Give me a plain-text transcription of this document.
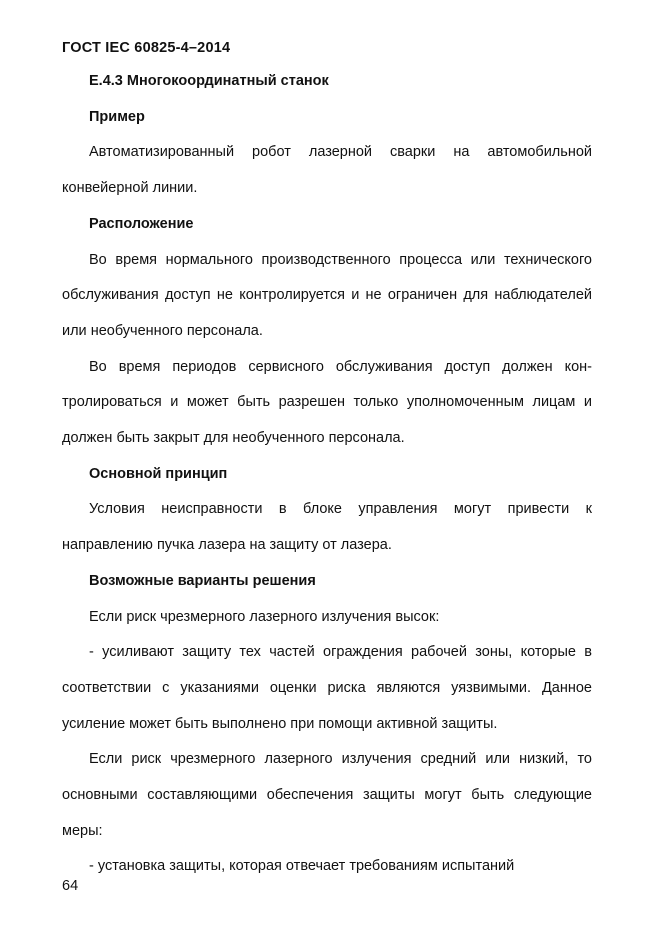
ГОСТ IEC 60825-4–2014

Е.4.3 Многокоординатный станок

Пример

Автоматизированный робот лазерной сварки на автомобильной конвейерной линии.

Расположение

Во время нормального производственного процесса или технического обслуживания доступ не контролируется и не ограничен для наблюдателей или необученного персонала.

Во время периодов сервисного обслуживания доступ должен контролироваться и может быть разрешен только уполномоченным лицам и должен быть закрыт для необученного персонала.

Основной принцип

Условия неисправности в блоке управления могут привести к направлению пучка лазера на защиту от лазера.

Возможные варианты решения

Если риск чрезмерного лазерного излучения высок:

- усиливают защиту тех частей ограждения рабочей зоны, которые в соответствии с указаниями оценки риска являются уязвимыми. Данное усиление может быть выполнено при помощи активной защиты.

Если риск чрезмерного лазерного излучения средний или низкий, то основными составляющими обеспечения защиты могут быть следующие меры:

- установка защиты, которая отвечает требованиям испытаний

64
